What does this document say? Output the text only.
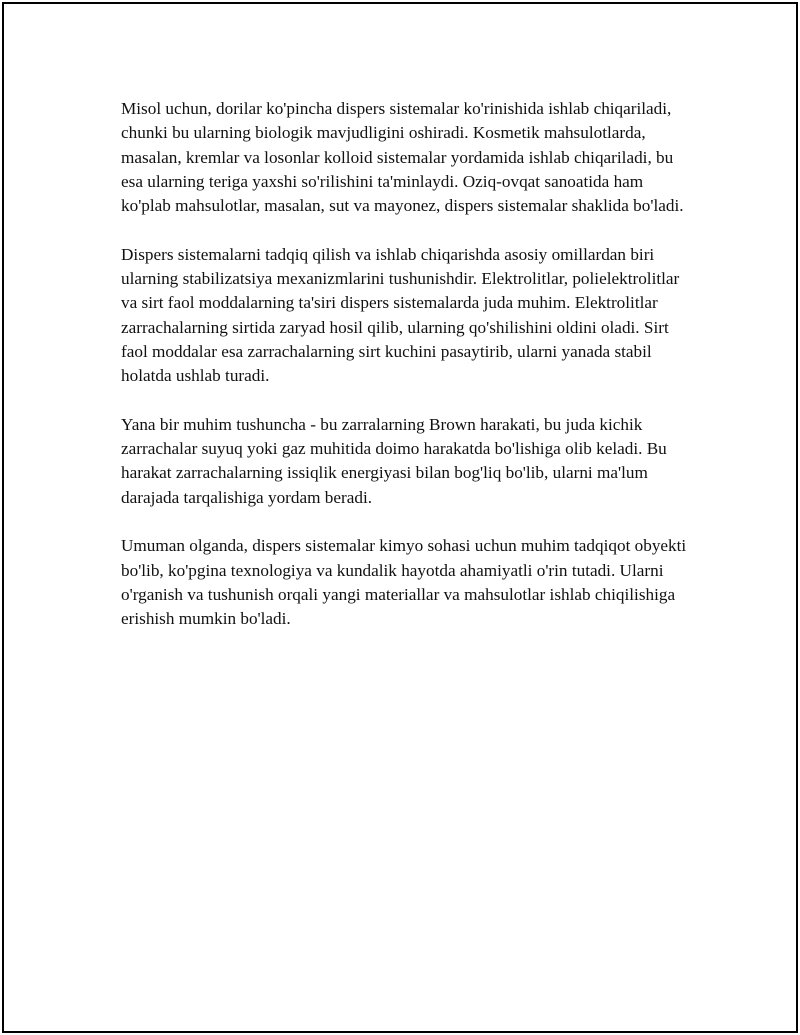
Misol uchun, dorilar ko'pincha dispers sistemalar ko'rinishida ishlab chiqariladi, chunki bu ularning biologik mavjudligini oshiradi. Kosmetik mahsulotlarda, masalan, kremlar va losonlar kolloid sistemalar yordamida ishlab chiqariladi, bu esa ularning teriga yaxshi so'rilishini ta'minlaydi. Oziq-ovqat sanoatida ham ko'plab mahsulotlar, masalan, sut va mayonez, dispers sistemalar shaklida bo'ladi.

Dispers sistemalarni tadqiq qilish va ishlab chiqarishda asosiy omillardan biri ularning stabilizatsiya mexanizmlarini tushunishdir. Elektrolitlar, polielektrolitlar va sirt faol moddalarning ta'siri dispers sistemalarda juda muhim. Elektrolitlar zarrachalarning sirtida zaryad hosil qilib, ularning qo'shilishini oldini oladi. Sirt faol moddalar esa zarrachalarning sirt kuchini pasaytirib, ularni yanada stabil holatda ushlab turadi.

Yana bir muhim tushuncha - bu zarralarning Brown harakati, bu juda kichik zarrachalar suyuq yoki gaz muhitida doimo harakatda bo'lishiga olib keladi. Bu harakat zarrachalarning issiqlik energiyasi bilan bog'liq bo'lib, ularni ma'lum darajada tarqalishiga yordam beradi.

Umuman olganda, dispers sistemalar kimyo sohasi uchun muhim tadqiqot obyekti bo'lib, ko'pgina texnologiya va kundalik hayotda ahamiyatli o'rin tutadi. Ularni o'rganish va tushunish orqali yangi materiallar va mahsulotlar ishlab chiqilishiga erishish mumkin bo'ladi.
